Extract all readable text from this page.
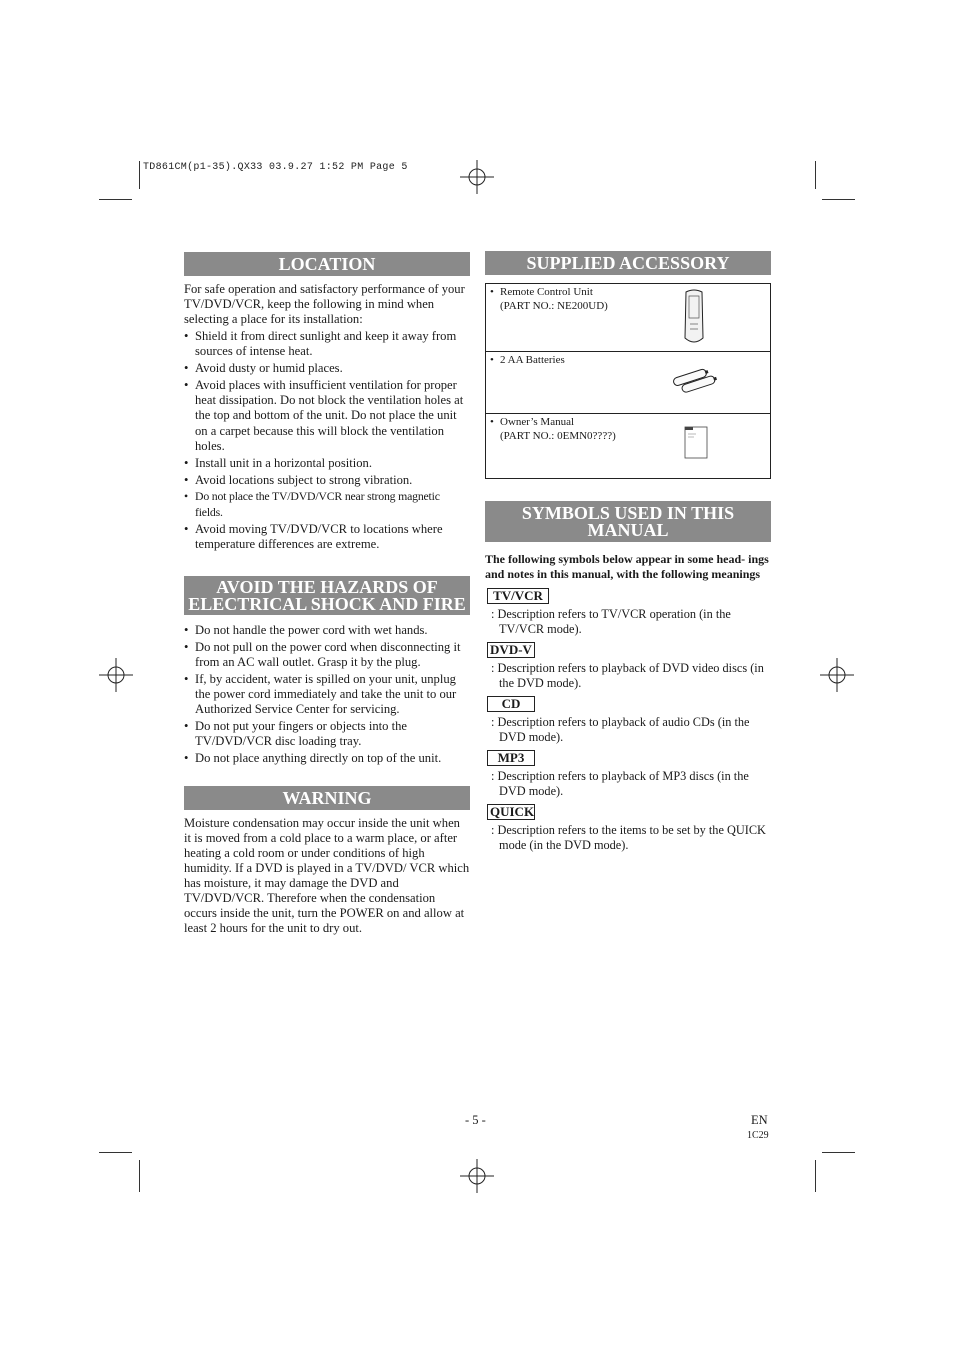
TD861CM(p1-35).QX33 03.9.27 1:52 PM Page 5
LOCATION

For safe operation and satisfactory performance of your TV/DVD/VCR, keep the following in mind when selecting a place for its installation:

• Shield it from direct sunlight and keep it away from sources of intense heat.
• Avoid dusty or humid places.
• Avoid places with insufficient ventilation for proper heat dissipation. Do not block the ventilation holes at the top and bottom of the unit. Do not place the unit on a carpet because this will block the ventilation holes.
• Install unit in a horizontal position.
• Avoid locations subject to strong vibration.
• Do not place the TV/DVD/VCR near strong magnetic fields.
• Avoid moving TV/DVD/VCR to locations where temperature differences are extreme.
AVOID THE HAZARDS OF
ELECTRICAL SHOCK AND FIRE
• Do not handle the power cord with wet hands.
• Do not pull on the power cord when disconnecting it from an AC wall outlet. Grasp it by the plug.
• If, by accident, water is spilled on your unit, unplug the power cord immediately and take the unit to our Authorized Service Center for servicing.
• Do not put your fingers or objects into the TV/DVD/VCR disc loading tray.
• Do not place anything directly on top of the unit.
WARNING

Moisture condensation may occur inside the unit when it is moved from a cold place to a warm place, or after heating a cold room or under conditions of high humidity. If a DVD is played in a TV/DVD/ VCR which has moisture, it may damage the DVD and TV/DVD/VCR. Therefore when the condensation occurs inside the unit, turn the POWER on and allow at least 2 hours for the unit to dry out.

SUPPLIED ACCESSORY
• Remote Control Unit
(PART NO.: NE200UD)
• 2 AA Batteries
• Owner’s Manual
(PART NO.: 0EMN0????)
SYMBOLS USED IN THIS MANUAL

The following symbols below appear in some head- ings and notes in this manual, with the following meanings

TV/VCR

: Description refers to TV/VCR operation (in the TV/VCR mode).

DVD-V

: Description refers to playback of DVD video discs (in the DVD mode).

CD

: Description refers to playback of audio CDs (in the DVD mode).

MP3

: Description refers to playback of MP3 discs (in the DVD mode).

QUICK

: Description refers to the items to be set by the QUICK mode (in the DVD mode).

- 5 -	EN
1C29
